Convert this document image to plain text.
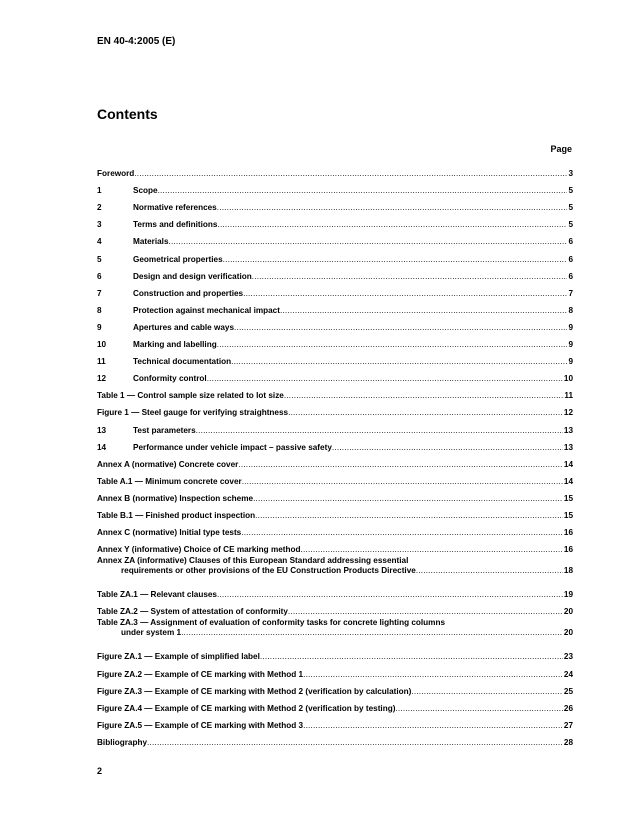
EN 40-4:2005 (E)
Contents
Page
Foreword .....	3
1	Scope .....	5
2	Normative references .....	5
3	Terms and definitions .....	5
4	Materials .....	6
5	Geometrical properties .....	6
6	Design and design verification .....	6
7	Construction and properties .....	7
8	Protection against mechanical impact .....	8
9	Apertures and cable ways .....	9
10	Marking and labelling .....	9
11	Technical documentation .....	9
12	Conformity control .....	10
Table 1 — Control sample size related to lot size .....	11
Figure 1 — Steel gauge for verifying straightness .....	12
13	Test parameters .....	13
14	Performance under vehicle impact – passive safety .....	13
Annex A (normative) Concrete cover .....	14
Table A.1 — Minimum concrete cover .....	14
Annex B (normative) Inspection scheme .....	15
Table B.1 — Finished product inspection .....	15
Annex C (normative) Initial type tests .....	16
Annex Y (informative) Choice of CE marking method .....	16
Annex ZA (informative) Clauses of this European Standard addressing essential
requirements or other provisions of the EU Construction Products Directive .....	18
Table ZA.1 — Relevant clauses .....	19
Table ZA.2 — System of attestation of conformity .....	20
Table ZA.3 — Assignment of evaluation of conformity tasks for concrete lighting columns
under system 1 .....	20
Figure ZA.1 — Example of simplified label .....	23
Figure ZA.2 — Example of CE marking with Method 1 .....	24
Figure ZA.3 — Example of CE marking with Method 2 (verification by calculation) .....	25
Figure ZA.4 — Example of CE marking with Method 2 (verification by testing) .....	26
Figure ZA.5 — Example of CE marking with Method 3 .....	27
Bibliography .....	28
2
